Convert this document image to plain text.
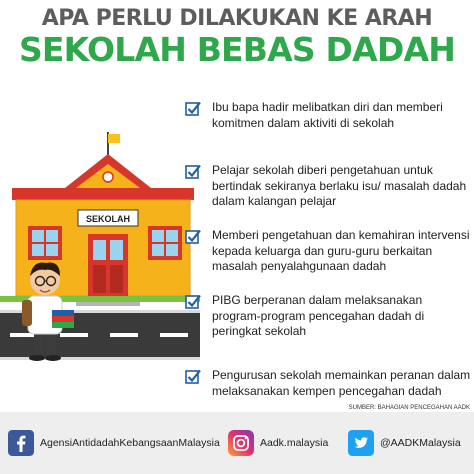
APA PERLU DILAKUKAN KE ARAH
SEKOLAH BEBAS DADAH
SEKOLAH
Ibu bapa hadir melibatkan diri dan memberi komitmen dalam aktiviti di sekolah
Pelajar sekolah diberi pengetahuan untuk bertindak sekiranya berlaku isu/ masalah dadah dalam kalangan pelajar
Memberi pengetahuan dan kemahiran intervensi kepada keluarga dan guru-guru berkaitan masalah penyalahgunaan dadah
PIBG berperanan dalam melaksanakan program-program pencegahan dadah di peringkat sekolah
Pengurusan sekolah memainkan peranan dalam melaksanakan kempen pencegahan dadah
SUMBER: BAHAGIAN PENCEGAHAN AADK
AgensiAntidadahKebangsaanMalaysia	Aadk.malaysia	@AADKMalaysia
